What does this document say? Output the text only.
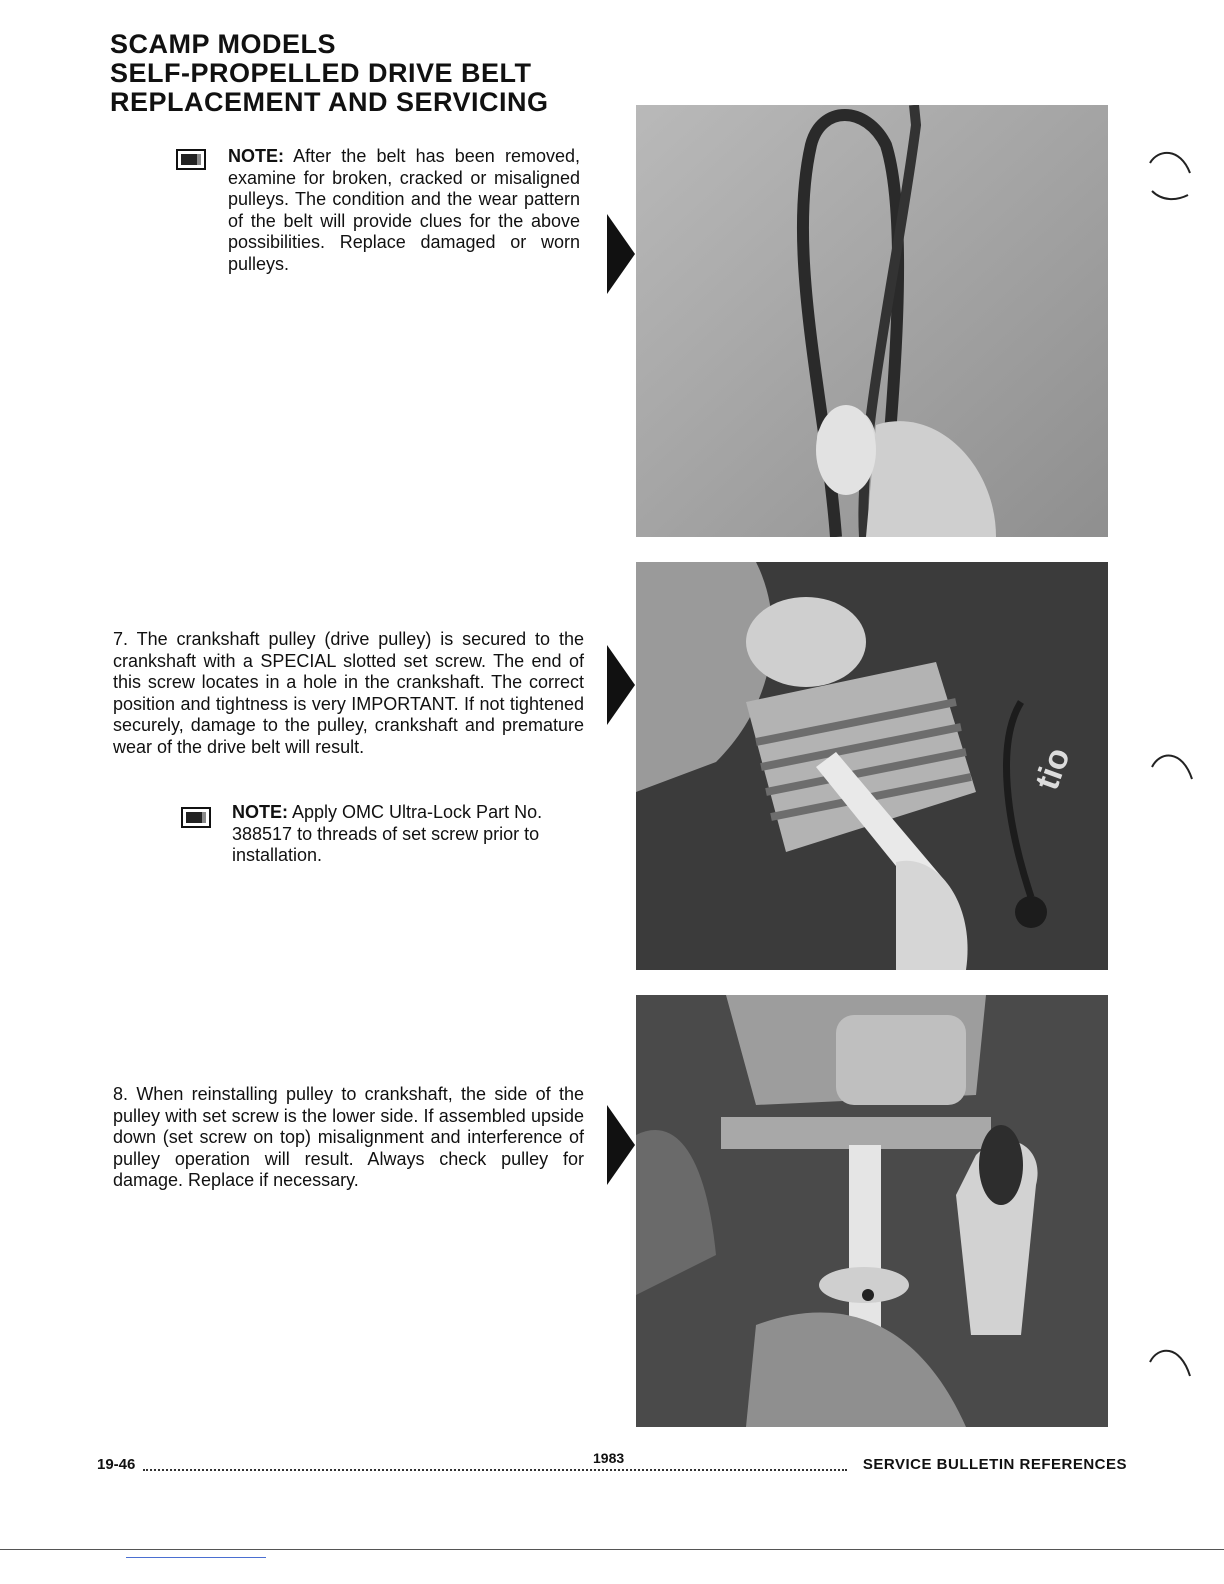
SCAMP MODELS
SELF-PROPELLED DRIVE BELT
REPLACEMENT AND SERVICING

NOTE: After the belt has been removed, examine for broken, cracked or misaligned pulleys. The condition and the wear pattern of the belt will provide clues for the above possibilities. Replace damaged or worn pulleys.

7. The crankshaft pulley (drive pulley) is secured to the crankshaft with a SPECIAL slotted set screw. The end of this screw locates in a hole in the crankshaft. The correct position and tightness is very IMPORTANT. If not tightened securely, damage to the pulley, crankshaft and premature wear of the drive belt will result.

NOTE: Apply OMC Ultra-Lock Part No. 388517 to threads of set screw prior to installation.

8. When reinstalling pulley to crankshaft, the side of the pulley with set screw is the lower side. If assembled upside down (set screw on top) misalignment and interference of pulley operation will result. Always check pulley for damage. Replace if necessary.

tio
19-46	1983	SERVICE BULLETIN REFERENCES
